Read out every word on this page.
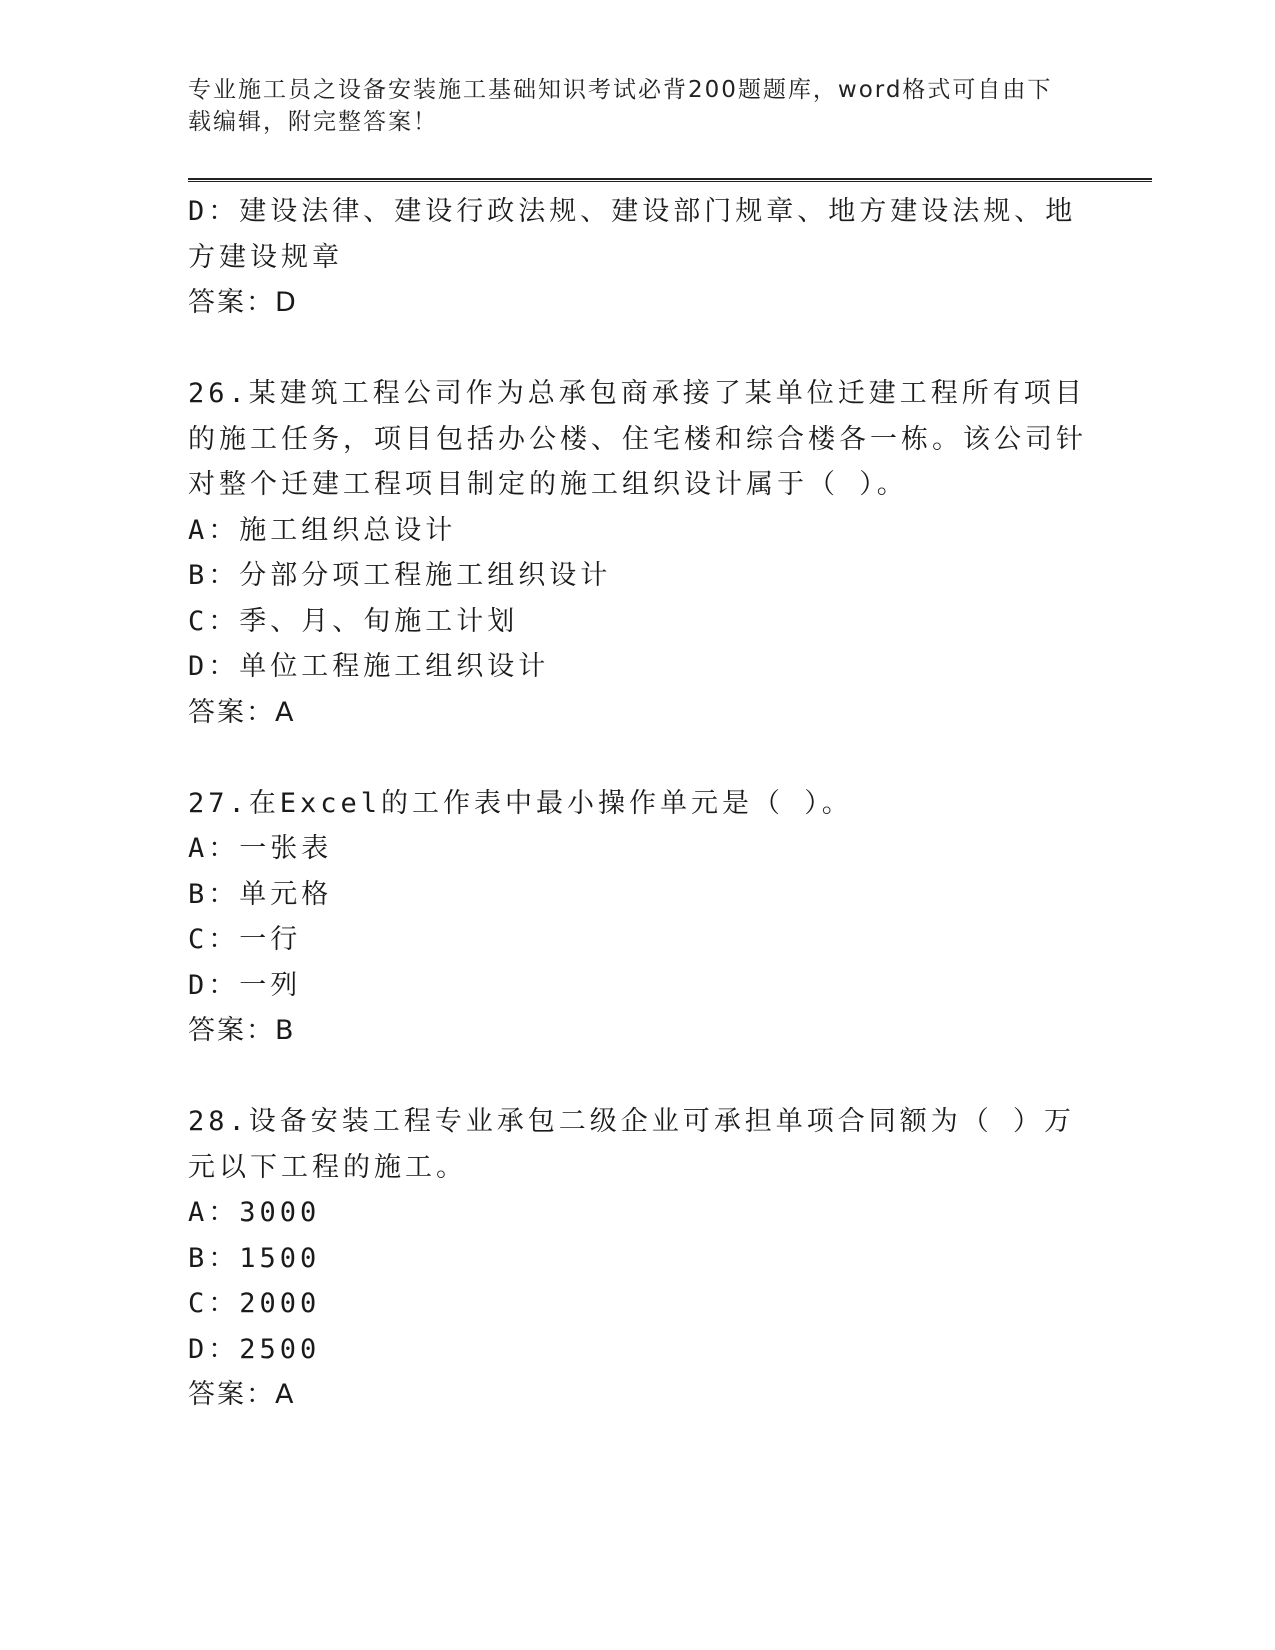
专业施工员之设备安装施工基础知识考试必背200题题库，word格式可自由下载编辑，附完整答案！

D：建设法律、建设行政法规、建设部门规章、地方建设法规、地方建设规章

答案：D

26.某建筑工程公司作为总承包商承接了某单位迁建工程所有项目的施工任务，项目包括办公楼、住宅楼和综合楼各一栋。该公司针对整个迁建工程项目制定的施工组织设计属于（ ）。

A：施工组织总设计

B：分部分项工程施工组织设计

C：季、月、旬施工计划

D：单位工程施工组织设计

答案：A

27.在Excel的工作表中最小操作单元是（ ）。

A：一张表

B：单元格

C：一行

D：一列

答案：B

28.设备安装工程专业承包二级企业可承担单项合同额为（ ）万元以下工程的施工。

A：3000

B：1500

C：2000

D：2500

答案：A
